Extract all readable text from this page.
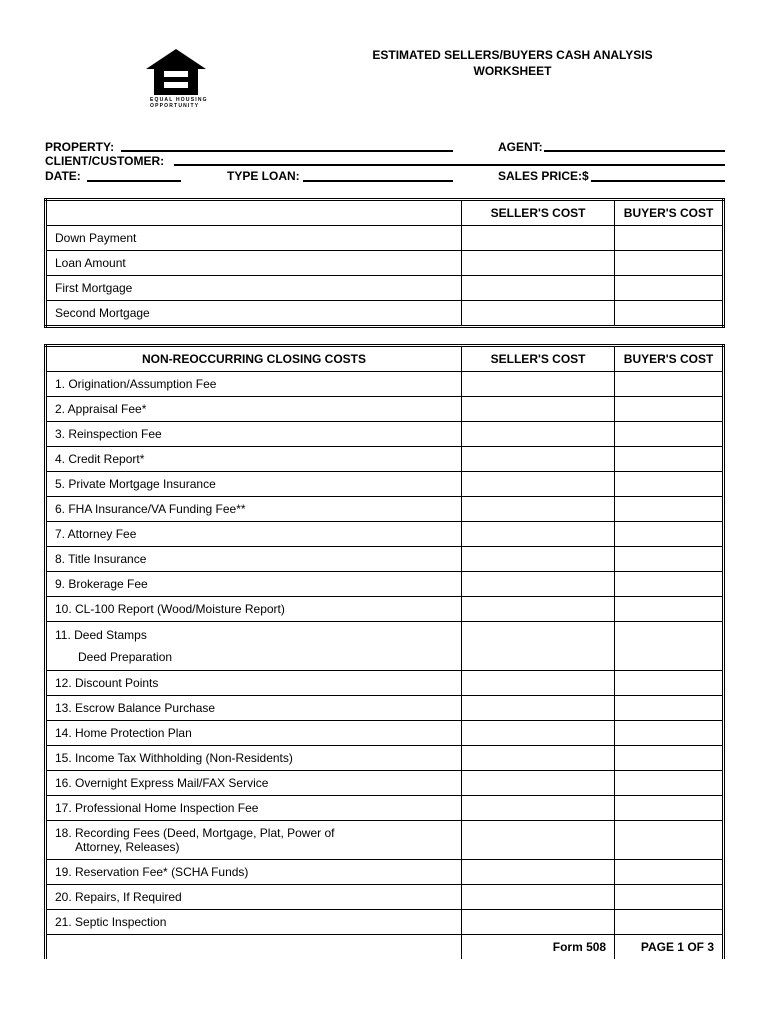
EQUAL HOUSING
OPPORTUNITY
ESTIMATED SELLERS/BUYERS CASH ANALYSIS
WORKSHEET
PROPERTY:	AGENT:
CLIENT/CUSTOMER:
DATE:	TYPE LOAN:	SALES PRICE:$
	SELLER'S COST	BUYER'S COST
Down Payment		
Loan Amount		
First Mortgage		
Second Mortgage		
NON-REOCCURRING CLOSING COSTS	SELLER'S COST	BUYER'S COST
1. Origination/Assumption Fee		
2. Appraisal Fee*		
3. Reinspection Fee		
4. Credit Report*		
5. Private Mortgage Insurance		
6. FHA Insurance/VA Funding Fee**		
7. Attorney Fee		
8. Title Insurance		
9. Brokerage Fee		
10. CL-100 Report (Wood/Moisture Report)		
11. Deed Stamps
Deed Preparation		

12. Discount Points		
13. Escrow Balance Purchase		
14. Home Protection Plan		
15. Income Tax Withholding (Non-Residents)		
16. Overnight Express Mail/FAX Service		
17. Professional Home Inspection Fee		
18. Recording Fees (Deed, Mortgage, Plat, Power of
Attorney, Releases)		

19. Reservation Fee* (SCHA Funds)		
20. Repairs, If Required		
21. Septic Inspection		
	Form 508	PAGE 1 OF 3
